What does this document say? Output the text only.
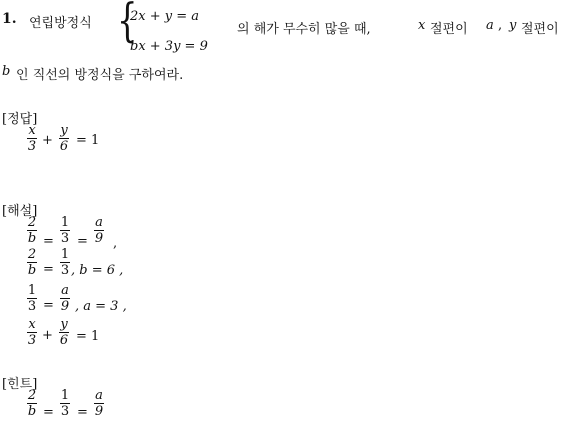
1. 연립방정식 {
2x + y = a
bx + 3y = 9
의 해가 무수히 많을 때,	x 절편이 a , y 절편이
b 인 직선의 방정식을 구하여라.
[정답]
x
3 +
y
6 = 1
[해설]
2
b =
1
3 =
a
9 ,
2
b =
1
3 , b = 6 ,
1
3 =
a
9 , a = 3 ,
x
3 +
y
6 = 1
[힌트]
2
b =
1
3 =
a
9
